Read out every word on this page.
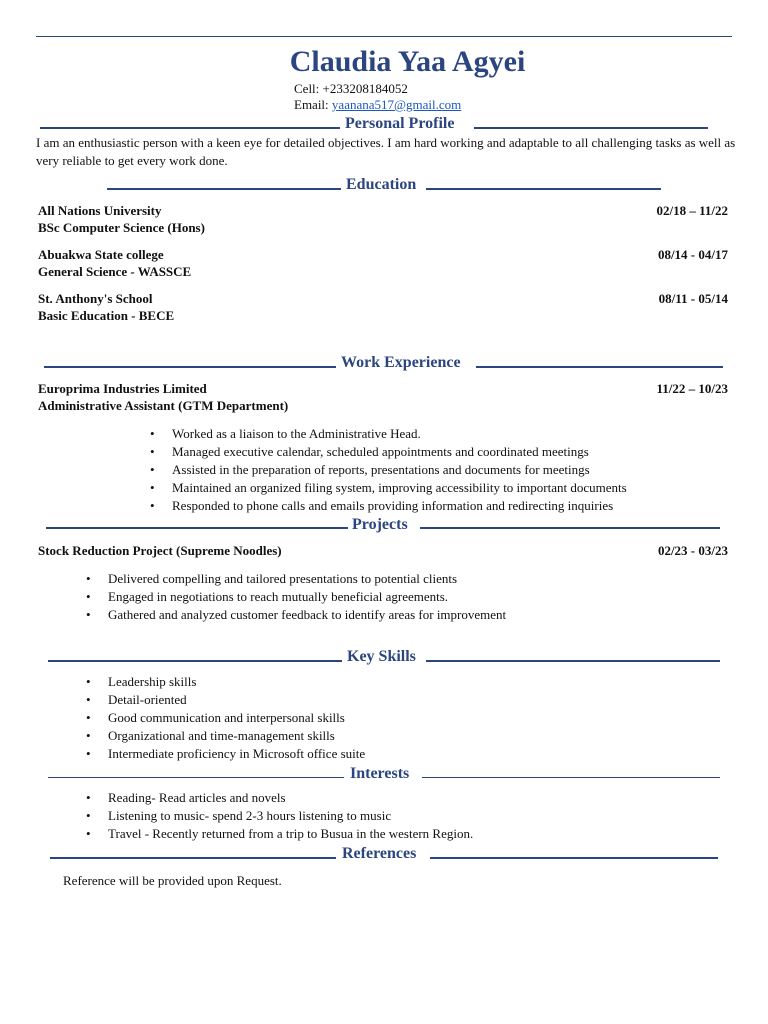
Claudia Yaa Agyei
Cell: +233208184052
Email: yaanana517@gmail.com
Personal Profile
I am an enthusiastic person with a keen eye for detailed objectives. I am hard working and adaptable to all challenging tasks as well as very reliable to get every work done.
Education
All Nations University
BSc Computer Science (Hons)
02/18 – 11/22
Abuakwa State college
General Science - WASSCE
08/14 - 04/17
St. Anthony's School
Basic Education - BECE
08/11 - 05/14
Work Experience
Europrima Industries Limited
Administrative Assistant (GTM Department)
11/22 – 10/23
• Worked as a liaison to the Administrative Head.
• Managed executive calendar, scheduled appointments and coordinated meetings
• Assisted in the preparation of reports, presentations and documents for meetings
• Maintained an organized filing system, improving accessibility to important documents
• Responded to phone calls and emails providing information and redirecting inquiries
Projects
Stock Reduction Project (Supreme Noodles)	02/23 - 03/23
• Delivered compelling and tailored presentations to potential clients
• Engaged in negotiations to reach mutually beneficial agreements.
• Gathered and analyzed customer feedback to identify areas for improvement
Key Skills
• Leadership skills
• Detail-oriented
• Good communication and interpersonal skills
• Organizational and time-management skills
• Intermediate proficiency in Microsoft office suite
Interests
• Reading- Read articles and novels
• Listening to music- spend 2-3 hours listening to music
• Travel - Recently returned from a trip to Busua in the western Region.
References
Reference will be provided upon Request.
